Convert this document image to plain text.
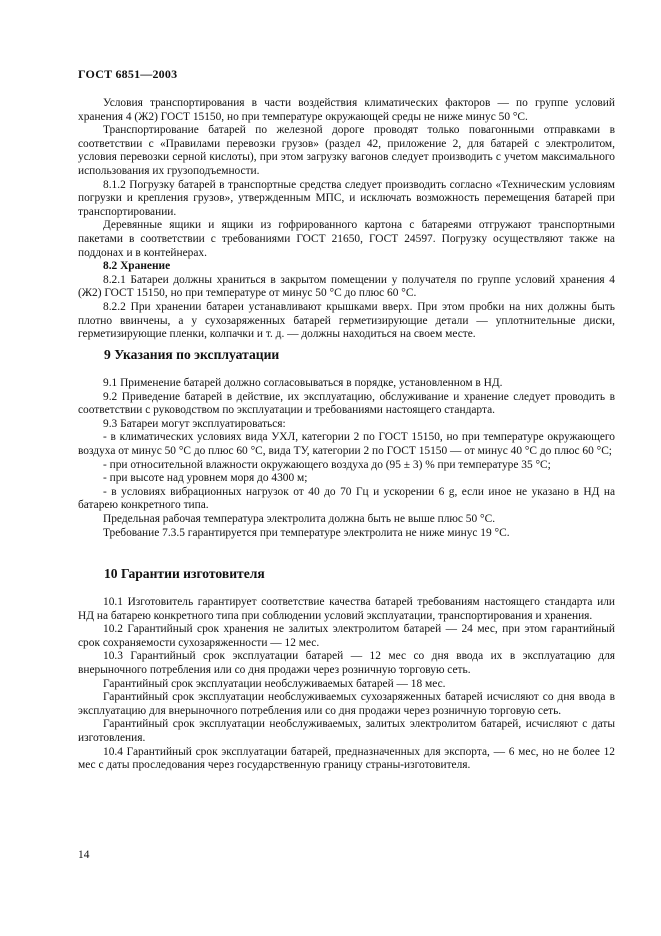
ГОСТ 6851—2003

Условия транспортирования в части воздействия климатических факторов — по группе условий хранения 4 (Ж2) ГОСТ 15150, но при температуре окружающей среды не ниже минус 50 °С.

Транспортирование батарей по железной дороге проводят только повагонными отправками в соответствии с «Правилами перевозки грузов» (раздел 42, приложение 2, для батарей с электролитом, условия перевозки серной кислоты), при этом загрузку вагонов следует производить с учетом максимального использования их грузоподъемности.

8.1.2 Погрузку батарей в транспортные средства следует производить согласно «Техническим условиям погрузки и крепления грузов», утвержденным МПС, и исключать возможность перемещения батарей при транспортировании.

Деревянные ящики и ящики из гофрированного картона с батареями отгружают транспортными пакетами в соответствии с требованиями ГОСТ 21650, ГОСТ 24597. Погрузку осуществляют также на поддонах и в контейнерах.

8.2 Хранение

8.2.1 Батареи должны храниться в закрытом помещении у получателя по группе условий хранения 4 (Ж2) ГОСТ 15150, но при температуре от минус 50 °С до плюс 60 °С.

8.2.2 При хранении батареи устанавливают крышками вверх. При этом пробки на них должны быть плотно ввинчены, а у сухозаряженных батарей герметизирующие детали — уплотнительные диски, герметизирующие пленки, колпачки и т. д. — должны находиться на своем месте.

9 Указания по эксплуатации

9.1 Применение батарей должно согласовываться в порядке, установленном в НД.

9.2 Приведение батарей в действие, их эксплуатацию, обслуживание и хранение следует проводить в соответствии с руководством по эксплуатации и требованиями настоящего стандарта.

9.3 Батареи могут эксплуатироваться:

- в климатических условиях вида УХЛ, категории 2 по ГОСТ 15150, но при температуре окружающего воздуха от минус 50 °С до плюс 60 °С, вида ТУ, категории 2 по ГОСТ 15150 — от минус 40 °С до плюс 60 °С;

- при относительной влажности окружающего воздуха до (95 ± 3) % при температуре 35 °С;

- при высоте над уровнем моря до 4300 м;

- в условиях вибрационных нагрузок от 40 до 70 Гц и ускорении 6 g, если иное не указано в НД на батарею конкретного типа.

Предельная рабочая температура электролита должна быть не выше плюс 50 °С.

Требование 7.3.5 гарантируется при температуре электролита не ниже минус 19 °С.

10 Гарантии изготовителя

10.1 Изготовитель гарантирует соответствие качества батарей требованиям настоящего стандарта или НД на батарею конкретного типа при соблюдении условий эксплуатации, транспортирования и хранения.

10.2 Гарантийный срок хранения не залитых электролитом батарей — 24 мес, при этом гарантийный срок сохраняемости сухозаряженности — 12 мес.

10.3 Гарантийный срок эксплуатации батарей — 12 мес со дня ввода их в эксплуатацию для внерыночного потребления или со дня продажи через розничную торговую сеть.

Гарантийный срок эксплуатации необслуживаемых батарей — 18 мес.

Гарантийный срок эксплуатации необслуживаемых сухозаряженных батарей исчисляют со дня ввода в эксплуатацию для внерыночного потребления или со дня продажи через розничную торговую сеть.

Гарантийный срок эксплуатации необслуживаемых, залитых электролитом батарей, исчисляют с даты изготовления.

10.4 Гарантийный срок эксплуатации батарей, предназначенных для экспорта, — 6 мес, но не более 12 мес с даты проследования через государственную границу страны-изготовителя.

14
